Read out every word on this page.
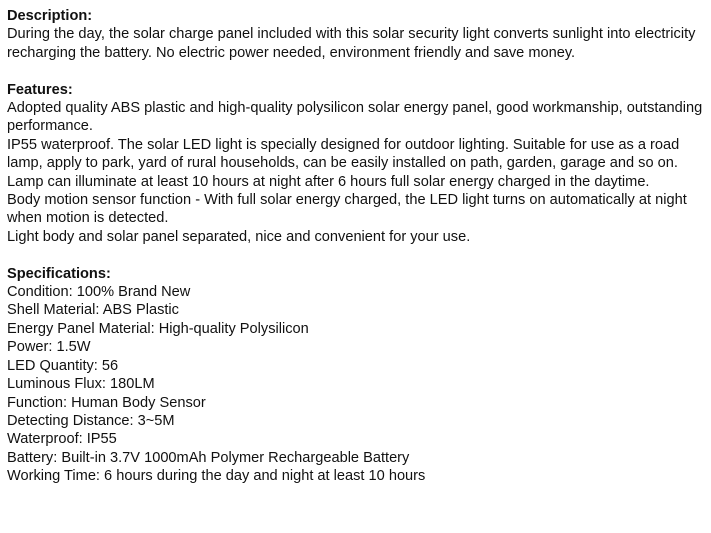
Description:
During the day, the solar charge panel included with this solar security light converts sunlight into electricity recharging the battery. No electric power needed, environment friendly and save money.
Features:
Adopted quality ABS plastic and high-quality polysilicon solar energy panel, good workmanship, outstanding performance.
IP55 waterproof. The solar LED light is specially designed for outdoor lighting. Suitable for use as a road lamp, apply to park, yard of rural households, can be easily installed on path, garden, garage and so on.
Lamp can illuminate at least 10 hours at night after 6 hours full solar energy charged in the daytime.
Body motion sensor function - With full solar energy charged, the LED light turns on automatically at night when motion is detected.
Light body and solar panel separated, nice and convenient for your use.
Specifications:
Condition: 100% Brand New
Shell Material: ABS Plastic
Energy Panel Material: High-quality Polysilicon
Power: 1.5W
LED Quantity: 56
Luminous Flux: 180LM
Function: Human Body Sensor
Detecting Distance: 3~5M
Waterproof: IP55
Battery: Built-in 3.7V 1000mAh Polymer Rechargeable Battery
Working Time: 6 hours during the day and night at least 10 hours
